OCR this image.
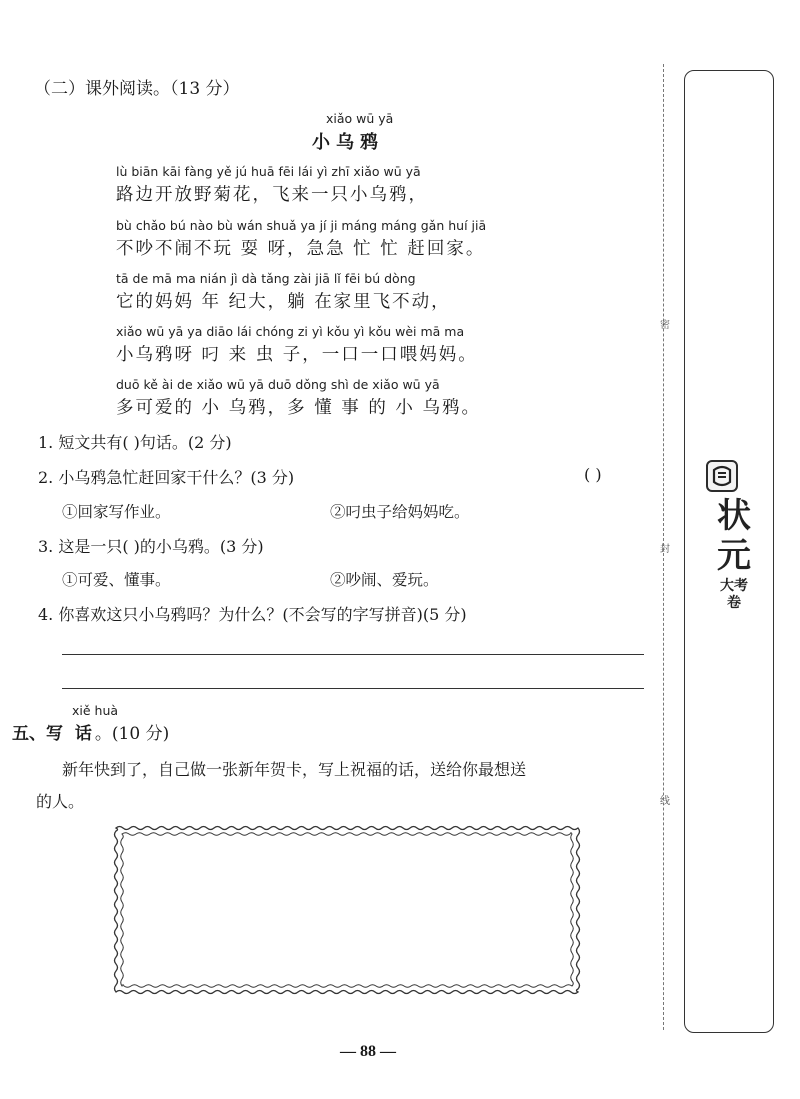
（二）课外阅读。（13 分）
xiǎo wū yā
小乌鸦
lù biān kāi fàng yě jú huā fēi lái yì zhī xiǎo wū yā
路边开放野菊花，飞来一只小乌鸦，
bù chǎo bú nào bù wán shuǎ ya jí ji máng máng gǎn huí jiā
不吵不闹不玩 耍 呀，急急 忙 忙 赶回家。
tā de mā ma nián jì dà tǎng zài jiā lǐ fēi bú dòng
它的妈妈 年 纪大，躺 在家里飞不动，
xiǎo wū yā ya diāo lái chóng zi yì kǒu yì kǒu wèi mā ma
小乌鸦呀 叼 来 虫 子，一口一口喂妈妈。
duō kě ài de xiǎo wū yā duō dǒng shì de xiǎo wū yā
多可爱的 小 乌鸦，多 懂 事 的 小 乌鸦。
1. 短文共有( )句话。(2 分)
2. 小乌鸦急忙赶回家干什么？(3 分)	( )
①回家写作业。	②叼虫子给妈妈吃。
3. 这是一只( )的小乌鸦。(3 分)
①可爱、懂事。	②吵闹、爱玩。
4. 你喜欢这只小乌鸦吗？为什么？(不会写的字写拼音)(5 分)
xiě huà
五、写 话。(10 分)
新年快到了，自己做一张新年贺卡，写上祝福的话，送给你最想送
的人。
密
封
线
状元
大考卷
— 88 —
